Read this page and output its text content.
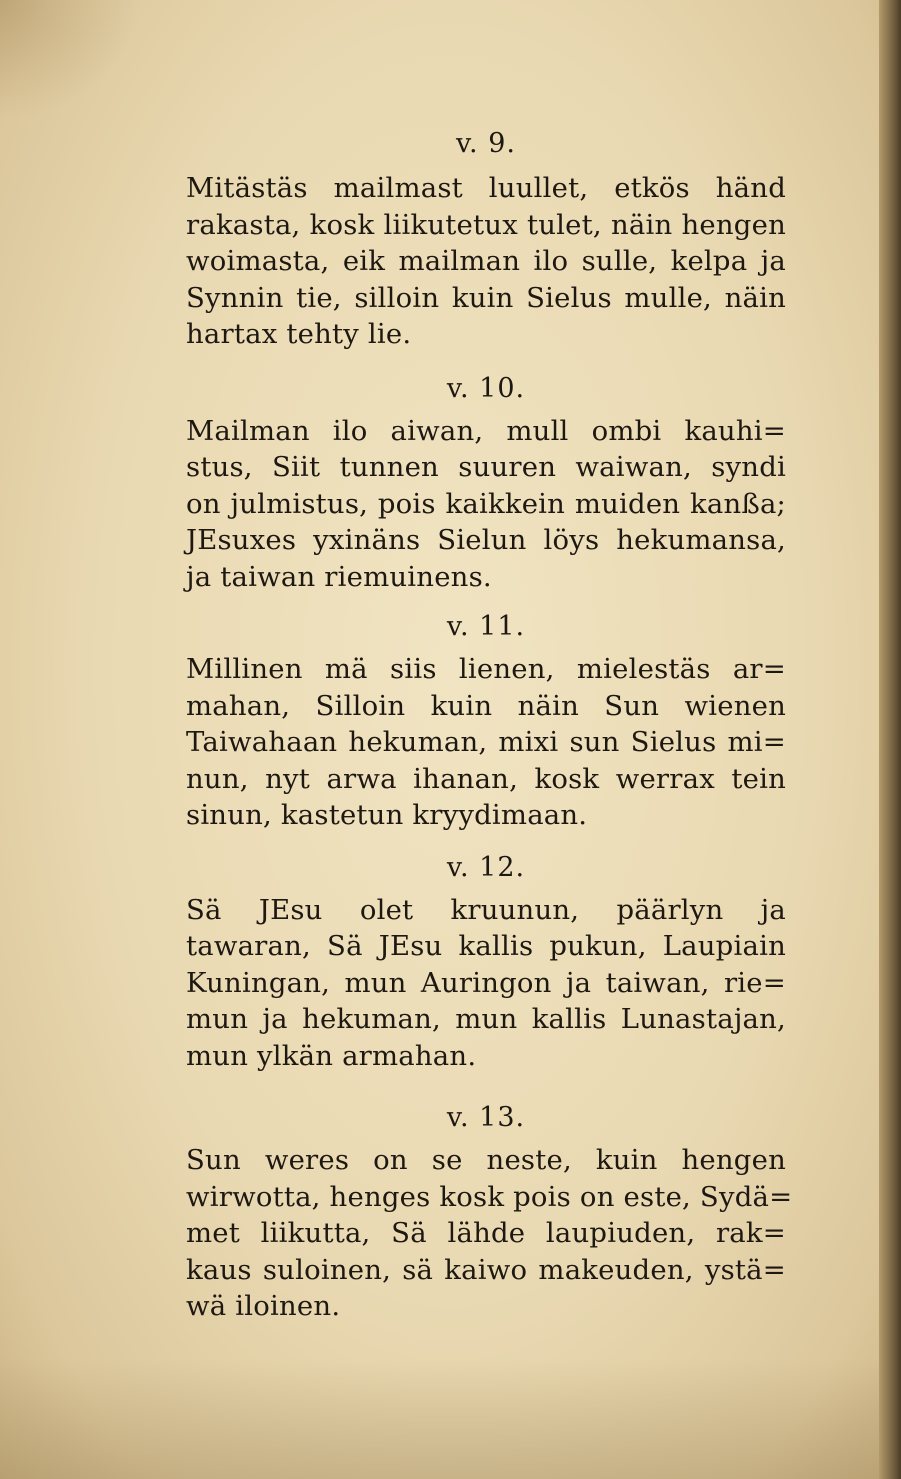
v. 9.

Mitästäs mailmast luullet, etkös händ
rakasta, kosk liikutetux tulet, näin hengen
woimasta, eik mailman ilo sulle, kelpa ja
Synnin tie, silloin kuin Sielus mulle, näin
hartax tehty lie.

v. 10.

Mailman ilo aiwan, mull ombi kauhi=
stus, Siit tunnen suuren waiwan, syndi
on julmistus, pois kaikkein muiden kanßa;
JEsuxes yxinäns Sielun löys hekumansa,
ja taiwan riemuinens.

v. 11.

Millinen mä siis lienen, mielestäs ar=
mahan, Silloin kuin näin Sun wienen
Taiwahaan hekuman, mixi sun Sielus mi=
nun, nyt arwa ihanan, kosk werrax tein
sinun, kastetun kryydimaan.

v. 12.

Sä JEsu olet kruunun, päärlyn ja
tawaran, Sä JEsu kallis pukun, Laupiain
Kuningan, mun Auringon ja taiwan, rie=
mun ja hekuman, mun kallis Lunastajan,
mun ylkän armahan.

v. 13.

Sun weres on se neste, kuin hengen
wirwotta, henges kosk pois on este, Sydä=
met liikutta, Sä lähde laupiuden, rak=
kaus suloinen, sä kaiwo makeuden, ystä=
wä iloinen.
